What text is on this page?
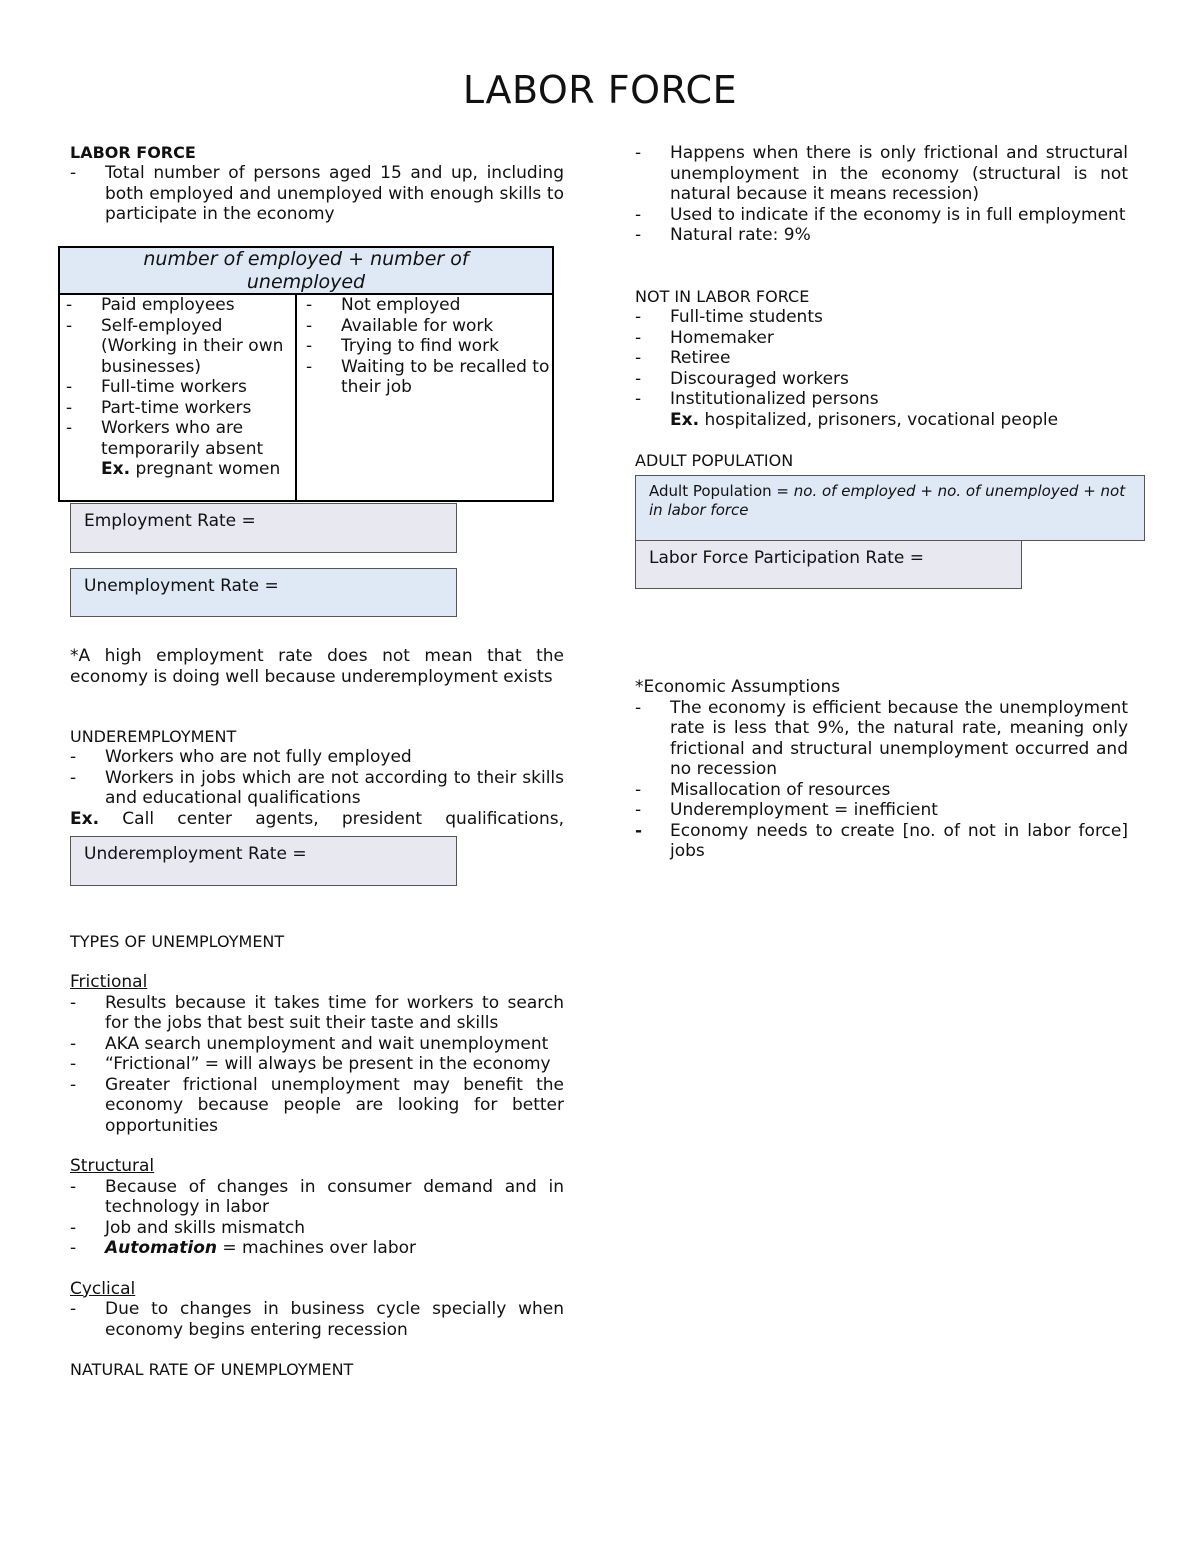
LABOR FORCE
LABOR FORCE
- Total number of persons aged 15 and up, including both employed and unemployed with enough skills to participate in the economy
number of employed + number of unemployed
- Paid employees
- Self-employed (Working in their own businesses)
- Full-time workers
- Part-time workers
- Workers who are temporarily absent
Ex. pregnant women
- Not employed
- Available for work
- Trying to find work
- Waiting to be recalled to their job
Employment Rate =
Unemployment Rate =
*A high employment rate does not mean that the economy is doing well because underemployment exists
UNDEREMPLOYMENT
- Workers who are not fully employed
- Workers in jobs which are not according to their skills and educational qualifications
Ex. Call center agents, president qualifications,
Underemployment Rate =
TYPES OF UNEMPLOYMENT
Frictional
- Results because it takes time for workers to search for the jobs that best suit their taste and skills
- AKA search unemployment and wait unemployment
- “Frictional” = will always be present in the economy
- Greater frictional unemployment may benefit the economy because people are looking for better opportunities
Structural
- Because of changes in consumer demand and in technology in labor
- Job and skills mismatch
- Automation = machines over labor
Cyclical
- Due to changes in business cycle specially when economy begins entering recession
NATURAL RATE OF UNEMPLOYMENT
- Happens when there is only frictional and structural unemployment in the economy (structural is not natural because it means recession)
- Used to indicate if the economy is in full employment
- Natural rate: 9%
NOT IN LABOR FORCE
- Full-time students
- Homemaker
- Retiree
- Discouraged workers
- Institutionalized persons
Ex. hospitalized, prisoners, vocational people
ADULT POPULATION
Adult Population = no. of employed + no. of unemployed + not in labor force
Labor Force Participation Rate =
*Economic Assumptions
- The economy is efficient because the unemployment rate is less that 9%, the natural rate, meaning only frictional and structural unemployment occurred and no recession
- Misallocation of resources
- Underemployment = inefficient
- Economy needs to create [no. of not in labor force] jobs
